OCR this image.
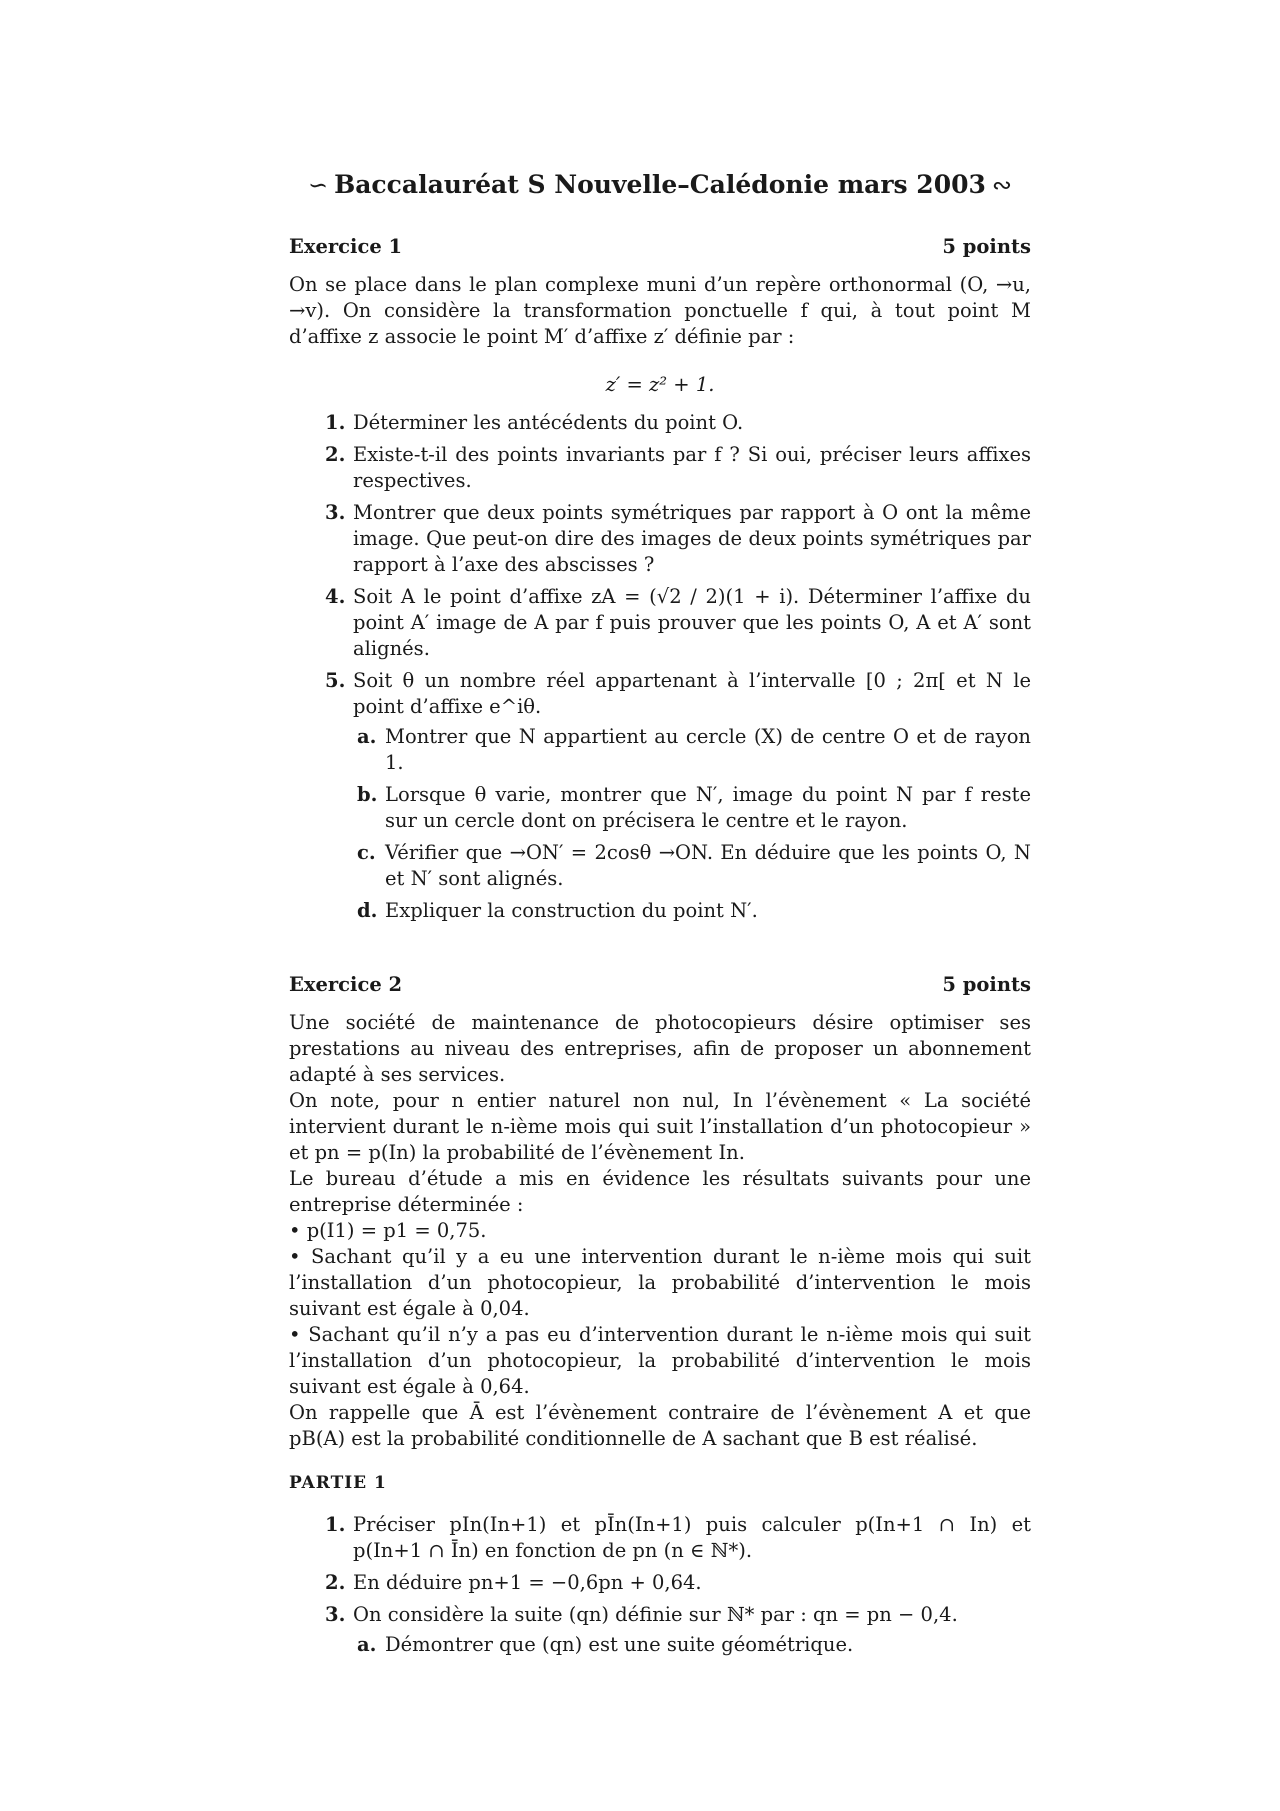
∽ Baccalauréat S Nouvelle–Calédonie mars 2003 ∾
Exercice 1	5 points

On se place dans le plan complexe muni d’un repère orthonormal (O, →u, →v). On considère la transformation ponctuelle f qui, à tout point M d’affixe z associe le point M′ d’affixe z′ définie par :

z′ = z² + 1.
1. Déterminer les antécédents du point O.
2. Existe-t-il des points invariants par f ? Si oui, préciser leurs affixes respectives.
3. Montrer que deux points symétriques par rapport à O ont la même image. Que peut-on dire des images de deux points symétriques par rapport à l’axe des abscisses ?
4. Soit A le point d’affixe zA = (√2 / 2)(1 + i). Déterminer l’affixe du point A′ image de A par f puis prouver que les points O, A et A′ sont alignés.
5. Soit θ un nombre réel appartenant à l’intervalle [0 ; 2π[ et N le point d’affixe e^iθ.
a. Montrer que N appartient au cercle (X) de centre O et de rayon 1.
b. Lorsque θ varie, montrer que N′, image du point N par f reste sur un cercle dont on précisera le centre et le rayon.
c. Vérifier que →ON′ = 2cosθ →ON. En déduire que les points O, N et N′ sont alignés.
d. Expliquer la construction du point N′.
Exercice 2	5 points

Une société de maintenance de photocopieurs désire optimiser ses prestations au niveau des entreprises, afin de proposer un abonnement adapté à ses services.

On note, pour n entier naturel non nul, In l’évènement « La société intervient durant le n-ième mois qui suit l’installation d’un photocopieur » et pn = p(In) la probabilité de l’évènement In.

Le bureau d’étude a mis en évidence les résultats suivants pour une entreprise déterminée :

• p(I1) = p1 = 0,75.

• Sachant qu’il y a eu une intervention durant le n-ième mois qui suit l’installation d’un photocopieur, la probabilité d’intervention le mois suivant est égale à 0,04.

• Sachant qu’il n’y a pas eu d’intervention durant le n-ième mois qui suit l’installation d’un photocopieur, la probabilité d’intervention le mois suivant est égale à 0,64.

On rappelle que Ā est l’évènement contraire de l’évènement A et que pB(A) est la probabilité conditionnelle de A sachant que B est réalisé.

PARTIE 1
1. Préciser pIn(In+1) et pĪn(In+1) puis calculer p(In+1 ∩ In) et p(In+1 ∩ Īn) en fonction de pn (n ∈ ℕ*).
2. En déduire pn+1 = −0,6pn + 0,64.
3. On considère la suite (qn) définie sur ℕ* par : qn = pn − 0,4.
a. Démontrer que (qn) est une suite géométrique.
